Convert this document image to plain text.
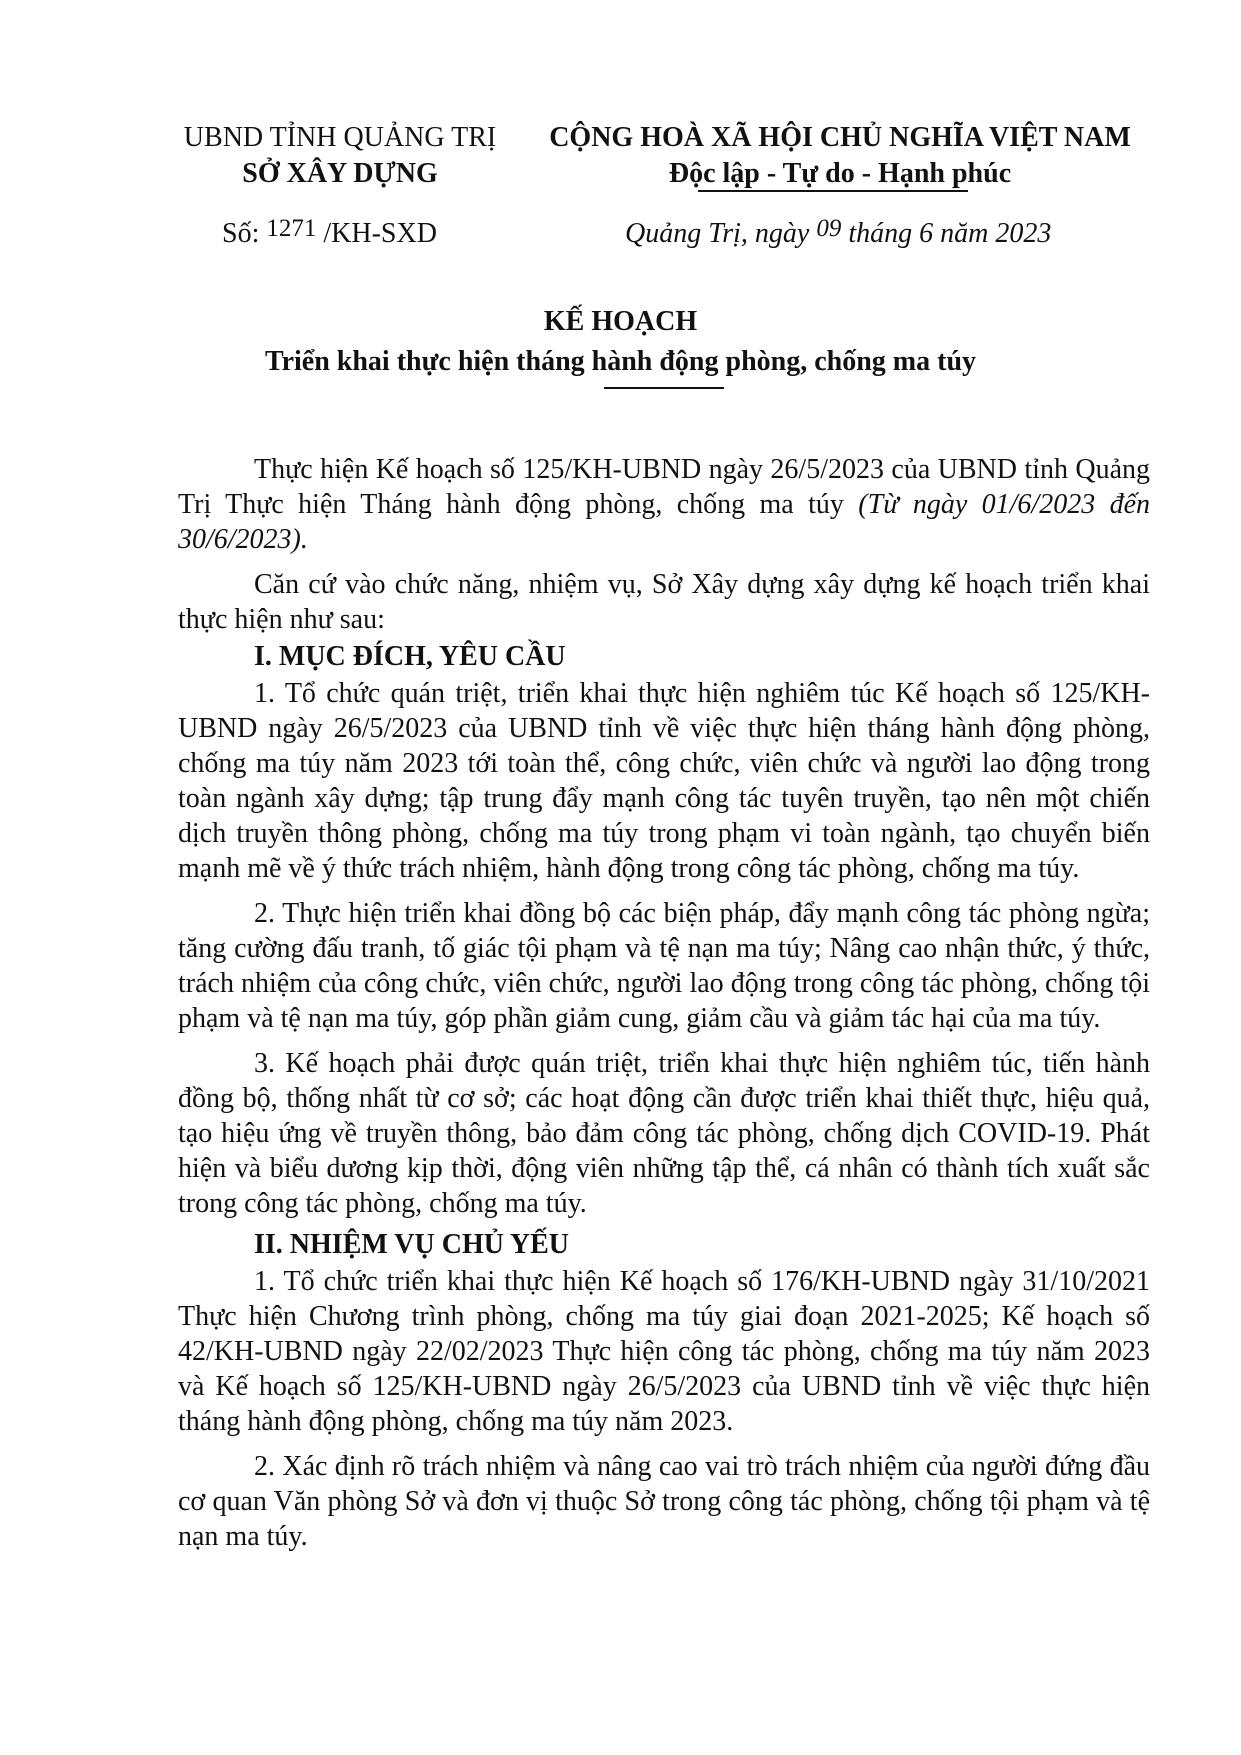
UBND TỈNH QUẢNG TRỊ
SỞ XÂY DỰNG
CỘNG HOÀ XÃ HỘI CHỦ NGHĨA VIỆT NAM
Độc lập - Tự do - Hạnh phúc
Số: 1271 /KH-SXD	Quảng Trị, ngày 09 tháng 6 năm 2023
KẾ HOẠCH
Triển khai thực hiện tháng hành động phòng, chống ma túy

Thực hiện Kế hoạch số 125/KH-UBND ngày 26/5/2023 của UBND tỉnh Quảng Trị Thực hiện Tháng hành động phòng, chống ma túy (Từ ngày 01/6/2023 đến 30/6/2023).

Căn cứ vào chức năng, nhiệm vụ, Sở Xây dựng xây dựng kế hoạch triển khai thực hiện như sau:

I. MỤC ĐÍCH, YÊU CẦU

1. Tổ chức quán triệt, triển khai thực hiện nghiêm túc Kế hoạch số 125/KH-UBND ngày 26/5/2023 của UBND tỉnh về việc thực hiện tháng hành động phòng, chống ma túy năm 2023 tới toàn thể, công chức, viên chức và người lao động trong toàn ngành xây dựng; tập trung đẩy mạnh công tác tuyên truyền, tạo nên một chiến dịch truyền thông phòng, chống ma túy trong phạm vi toàn ngành, tạo chuyển biến mạnh mẽ về ý thức trách nhiệm, hành động trong công tác phòng, chống ma túy.

2. Thực hiện triển khai đồng bộ các biện pháp, đẩy mạnh công tác phòng ngừa; tăng cường đấu tranh, tố giác tội phạm và tệ nạn ma túy; Nâng cao nhận thức, ý thức, trách nhiệm của công chức, viên chức, người lao động trong công tác phòng, chống tội phạm và tệ nạn ma túy, góp phần giảm cung, giảm cầu và giảm tác hại của ma túy.

3. Kế hoạch phải được quán triệt, triển khai thực hiện nghiêm túc, tiến hành đồng bộ, thống nhất từ cơ sở; các hoạt động cần được triển khai thiết thực, hiệu quả, tạo hiệu ứng về truyền thông, bảo đảm công tác phòng, chống dịch COVID-19. Phát hiện và biểu dương kịp thời, động viên những tập thể, cá nhân có thành tích xuất sắc trong công tác phòng, chống ma túy.

II. NHIỆM VỤ CHỦ YẾU

1. Tổ chức triển khai thực hiện Kế hoạch số 176/KH-UBND ngày 31/10/2021 Thực hiện Chương trình phòng, chống ma túy giai đoạn 2021-2025; Kế hoạch số 42/KH-UBND ngày 22/02/2023 Thực hiện công tác phòng, chống ma túy năm 2023 và Kế hoạch số 125/KH-UBND ngày 26/5/2023 của UBND tỉnh về việc thực hiện tháng hành động phòng, chống ma túy năm 2023.

2. Xác định rõ trách nhiệm và nâng cao vai trò trách nhiệm của người đứng đầu cơ quan Văn phòng Sở và đơn vị thuộc Sở trong công tác phòng, chống tội phạm và tệ nạn ma túy.
